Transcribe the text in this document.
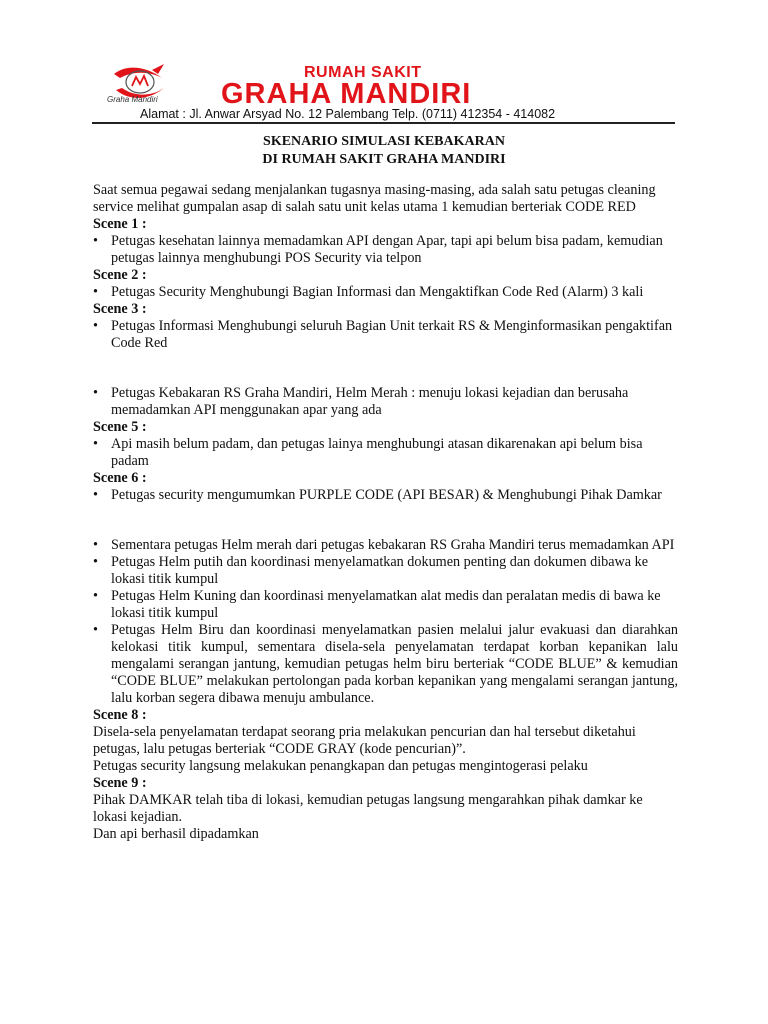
Graha Mandiri
RUMAH SAKIT
GRAHA MANDIRI
Alamat : Jl. Anwar Arsyad No. 12 Palembang Telp. (0711) 412354 - 414082
SKENARIO SIMULASI KEBAKARAN
DI RUMAH SAKIT GRAHA MANDIRI

Saat semua pegawai sedang menjalankan tugasnya masing-masing, ada salah satu petugas cleaning service melihat gumpalan asap di salah satu unit kelas utama 1 kemudian berteriak CODE RED

Scene 1 :

• Petugas kesehatan lainnya memadamkan API dengan Apar, tapi api belum bisa padam, kemudian petugas lainnya menghubungi POS Security via telpon

Scene 2 :

• Petugas Security Menghubungi Bagian Informasi dan Mengaktifkan Code Red (Alarm) 3 kali

Scene 3 :

• Petugas Informasi Menghubungi seluruh Bagian Unit terkait RS & Menginformasikan pengaktifan Code Red
• Petugas Kebakaran RS Graha Mandiri, Helm Merah : menuju lokasi kejadian dan berusaha memadamkan API menggunakan apar yang ada

Scene 5 :

• Api masih belum padam, dan petugas lainya menghubungi atasan dikarenakan api belum bisa padam

Scene 6 :

• Petugas security mengumumkan PURPLE CODE (API BESAR) & Menghubungi Pihak Damkar
• Sementara petugas Helm merah dari petugas kebakaran RS Graha Mandiri terus memadamkan API
• Petugas Helm putih dan koordinasi menyelamatkan dokumen penting dan dokumen dibawa ke lokasi titik kumpul
• Petugas Helm Kuning dan koordinasi menyelamatkan alat medis dan peralatan medis di bawa ke lokasi titik kumpul
• Petugas Helm Biru dan koordinasi menyelamatkan pasien melalui jalur evakuasi dan diarahkan kelokasi titik kumpul, sementara disela-sela penyelamatan terdapat korban kepanikan lalu mengalami serangan jantung, kemudian petugas helm biru berteriak “CODE BLUE” & kemudian “CODE BLUE” melakukan pertolongan pada korban kepanikan yang mengalami serangan jantung, lalu korban segera dibawa menuju ambulance.

Scene 8 :

Disela-sela penyelamatan terdapat seorang pria melakukan pencurian dan hal tersebut diketahui petugas, lalu petugas berteriak “CODE GRAY (kode pencurian)”.

Petugas security langsung melakukan penangkapan dan petugas mengintogerasi pelaku

Scene 9 :

Pihak DAMKAR telah tiba di lokasi, kemudian petugas langsung mengarahkan pihak damkar ke lokasi kejadian.

Dan api berhasil dipadamkan
